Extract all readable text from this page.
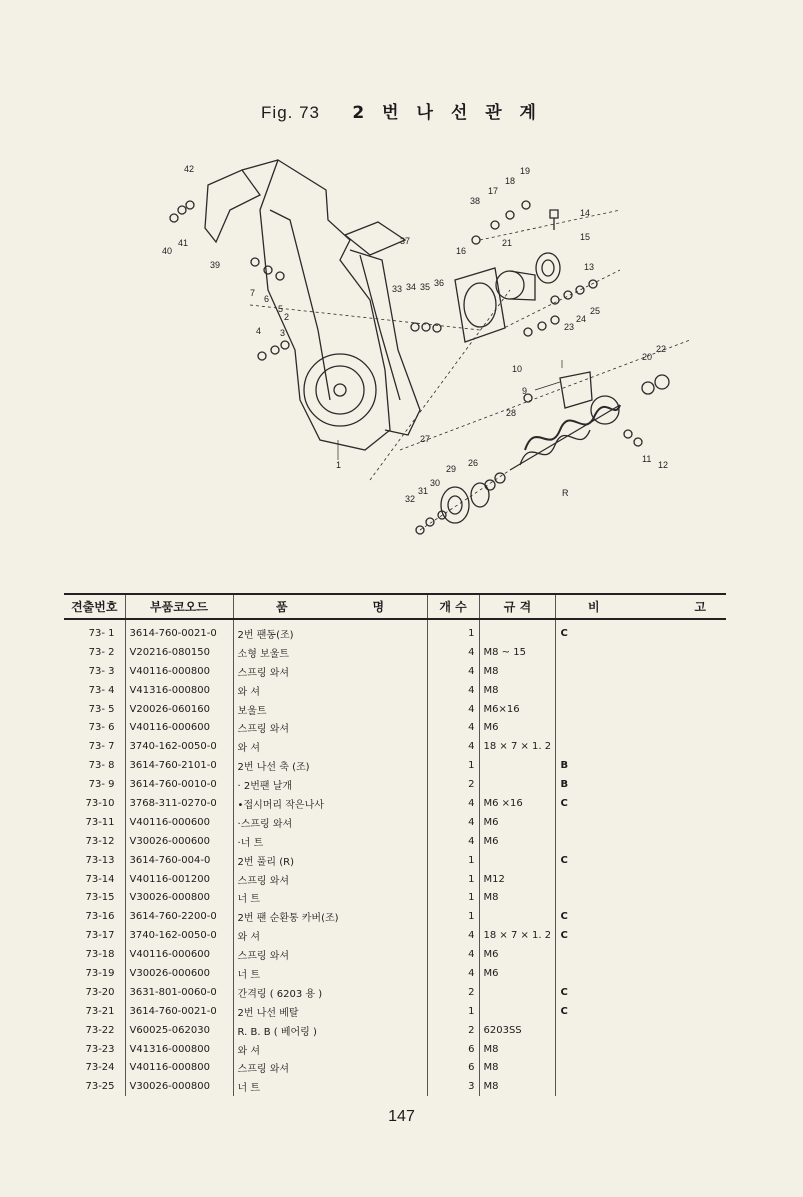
Fig. 73 2 번 나 선 관 계
1
2
3
4
5
6
7
9
10
11
12
13
14
15
16
17
18
19
20
21
22
23
24
25
26
27
28
29
30
31
32
33 34 35 36
37
38
39
40
41
42
R
견출번호	부품코오드	품	명	개 수	규 격	비	고
73- 1	3614-760-0021-0	2번 팬동(조)		1		C	
73- 2	V20216-080150	소형 보울트		4	M8 ~ 15		
73- 3	V40116-000800	스프링 와셔		4	M8		
73- 4	V41316-000800	와 셔		4	M8		
73- 5	V20026-060160	보울트		4	M6×16		
73- 6	V40116-000600	스프링 와셔		4	M6		
73- 7	3740-162-0050-0	와 셔		4	18 × 7 × 1. 2		
73- 8	3614-760-2101-0	2번 나선 축 (조)		1		B	
73- 9	3614-760-0010-0	· 2번팬 날개		2		B	
73-10	3768-311-0270-0	•접시머리 작은나사		4	M6 ×16	C	
73-11	V40116-000600	·스프링 와셔		4	M6		
73-12	V30026-000600	·너 트		4	M6		
73-13	3614-760-004-0	2번 풀리 (R)		1		C	
73-14	V40116-001200	스프링 와셔		1	M12		
73-15	V30026-000800	너 트		1	M8		
73-16	3614-760-2200-0	2번 팬 순환통 카버(조)		1		C	
73-17	3740-162-0050-0	와 셔		4	18 × 7 × 1. 2	C	
73-18	V40116-000600	스프링 와셔		4	M6		
73-19	V30026-000600	너 트		4	M6		
73-20	3631-801-0060-0	간격링 ( 6203 용 )		2		C	
73-21	3614-760-0021-0	2번 나선 베탈		1		C	
73-22	V60025-062030	R. B. B ( 베어링 )		2	6203SS		
73-23	V41316-000800	와 셔		6	M8		
73-24	V40116-000800	스프링 와셔		6	M8		
73-25	V30026-000800	너 트		3	M8		
147
